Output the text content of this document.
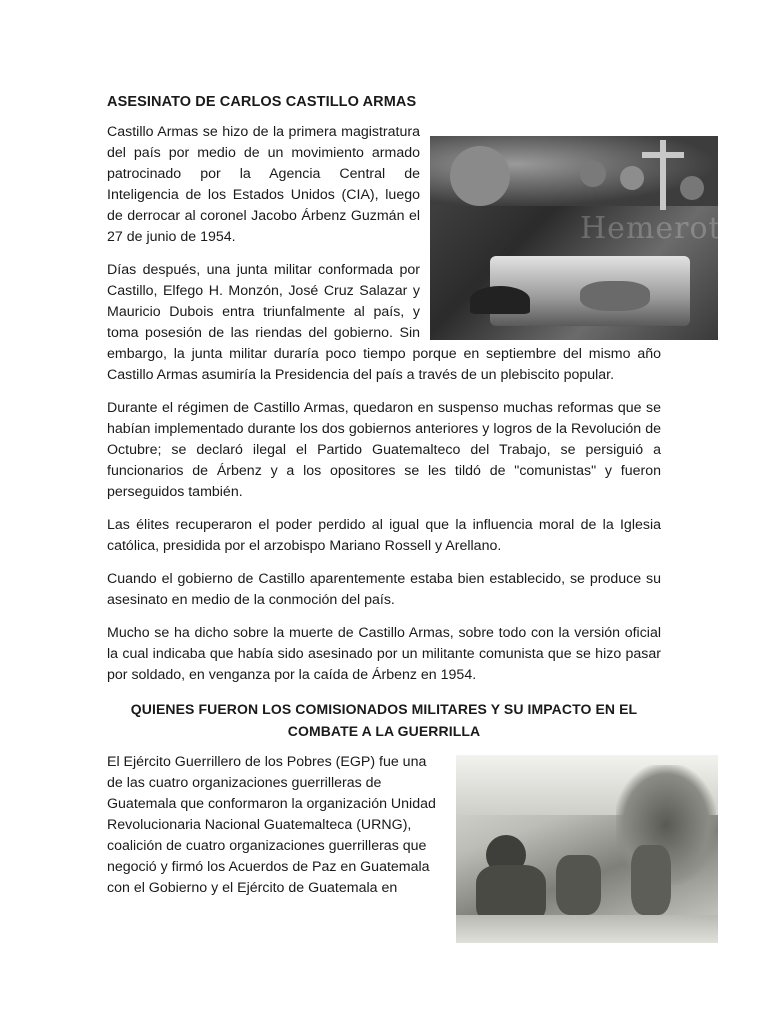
ASESINATO DE CARLOS CASTILLO ARMAS
Hemeroteca

Castillo Armas se hizo de la primera magistratura del país por medio de un movimiento armado patrocinado por la Agencia Central de Inteligencia de los Estados Unidos (CIA), luego de derrocar al coronel Jacobo Árbenz Guzmán el 27 de junio de 1954.

Días después, una junta militar conformada por Castillo, Elfego H. Monzón, José Cruz Salazar y Mauricio Dubois entra triunfalmente al país, y toma posesión de las riendas del gobierno. Sin embargo, la junta militar duraría poco tiempo porque en septiembre del mismo año Castillo Armas asumiría la Presidencia del país a través de un plebiscito popular.

Durante el régimen de Castillo Armas, quedaron en suspenso muchas reformas que se habían implementado durante los dos gobiernos anteriores y logros de la Revolución de Octubre; se declaró ilegal el Partido Guatemalteco del Trabajo, se persiguió a funcionarios de Árbenz y a los opositores se les tildó de "comunistas" y fueron perseguidos también.

Las élites recuperaron el poder perdido al igual que la influencia moral de la Iglesia católica, presidida por el arzobispo Mariano Rossell y Arellano.

Cuando el gobierno de Castillo aparentemente estaba bien establecido, se produce su asesinato en medio de la conmoción del país.

Mucho se ha dicho sobre la muerte de Castillo Armas, sobre todo con la versión oficial la cual indicaba que había sido asesinado por un militante comunista que se hizo pasar por soldado, en venganza por la caída de Árbenz en 1954.

QUIENES FUERON LOS COMISIONADOS MILITARES Y SU IMPACTO EN EL COMBATE A LA GUERRILLA

El Ejército Guerrillero de los Pobres (EGP) fue una de las cuatro organizaciones guerrilleras de Guatemala que conformaron la organización Unidad Revolucionaria Nacional Guatemalteca (URNG), coalición de cuatro organizaciones guerrilleras que negoció y firmó los Acuerdos de Paz en Guatemala con el Gobierno y el Ejército de Guatemala en
